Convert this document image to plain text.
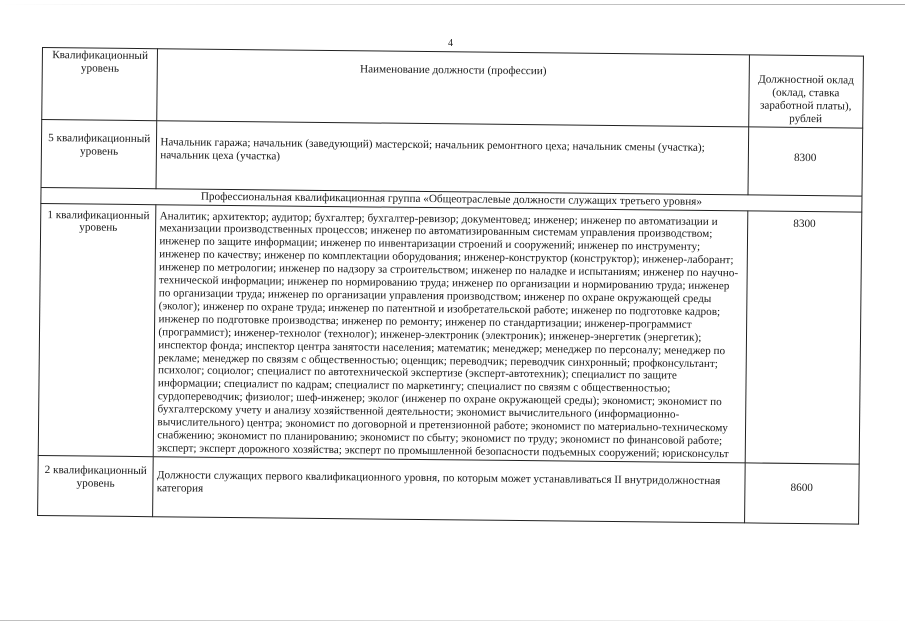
4
Квалификационный уровень	Наименование должности (профессии)	Должностной оклад (оклад, ставка заработной платы), рублей
5 квалификационный уровень	Начальник гаража; начальник (заведующий) мастерской; начальник ремонтного цеха; начальник смены (участка); начальник цеха (участка)	8300
Профессиональная квалификационная группа «Общеотраслевые должности служащих третьего уровня»		
1 квалификационный уровень	Аналитик; архитектор; аудитор; бухгалтер; бухгалтер-ревизор; документовед; инженер; инженер по автоматизации и механизации производственных процессов; инженер по автоматизированным системам управления производством; инженер по защите информации; инженер по инвентаризации строений и сооружений; инженер по инструменту; инженер по качеству; инженер по комплектации оборудования; инженер-конструктор (конструктор); инженер-лаборант; инженер по метрологии; инженер по надзору за строительством; инженер по наладке и испытаниям; инженер по научно-технической информации; инженер по нормированию труда; инженер по организации и нормированию труда; инженер по организации труда; инженер по организации управления производством; инженер по охране окружающей среды (эколог); инженер по охране труда; инженер по патентной и изобретательской работе; инженер по подготовке кадров; инженер по подготовке производства; инженер по ремонту; инженер по стандартизации; инженер-программист (программист); инженер-технолог (технолог); инженер-электроник (электроник); инженер-энергетик (энергетик); инспектор фонда; инспектор центра занятости населения; математик; менеджер; менеджер по персоналу; менеджер по рекламе; менеджер по связям с общественностью; оценщик; переводчик; переводчик синхронный; профконсультант; психолог; социолог; специалист по автотехнической экспертизе (эксперт-автотехник); специалист по защите информации; специалист по кадрам; специалист по маркетингу; специалист по связям с общественностью; сурдопереводчик; физиолог; шеф-инженер; эколог (инженер по охране окружающей среды); экономист; экономист по бухгалтерскому учету и анализу хозяйственной деятельности; экономист вычислительного (информационно-вычислительного) центра; экономист по договорной и претензионной работе; экономист по материально-техническому снабжению; экономист по планированию; экономист по сбыту; экономист по труду; экономист по финансовой работе; эксперт; эксперт дорожного хозяйства; эксперт по промышленной безопасности подъемных сооружений; юрисконсульт	8300
2 квалификационный уровень	Должности служащих первого квалификационного уровня, по которым может устанавливаться II внутридолжностная категория	8600
